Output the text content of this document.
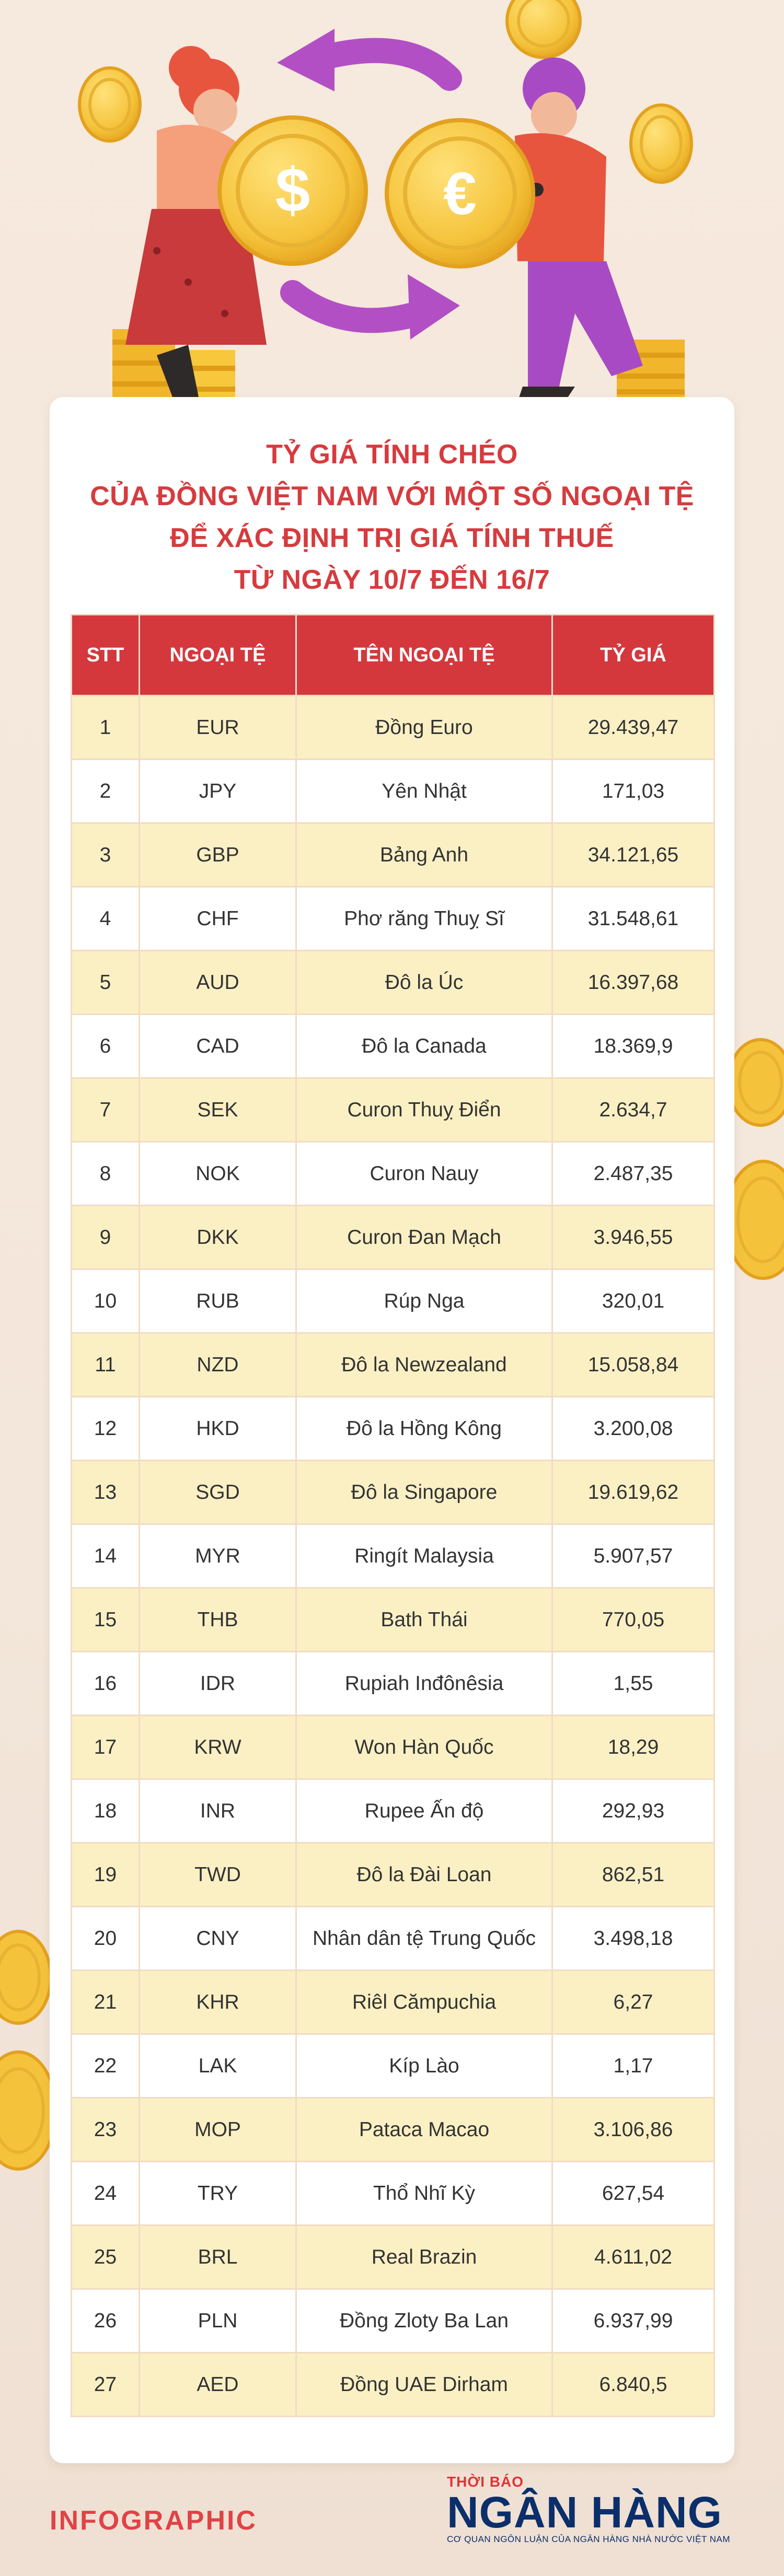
$ €
TỶ GIÁ TÍNH CHÉO
CỦA ĐỒNG VIỆT NAM VỚI MỘT SỐ NGOẠI TỆ
ĐỂ XÁC ĐỊNH TRỊ GIÁ TÍNH THUẾ
TỪ NGÀY 10/7 ĐẾN 16/7
STT	NGOẠI TỆ	TÊN NGOẠI TỆ	TỶ GIÁ
1	EUR	Đồng Euro	29.439,47
2	JPY	Yên Nhật	171,03
3	GBP	Bảng Anh	34.121,65
4	CHF	Phơ răng Thuỵ Sĩ	31.548,61
5	AUD	Đô la Úc	16.397,68
6	CAD	Đô la Canada	18.369,9
7	SEK	Curon Thuỵ Điển	2.634,7
8	NOK	Curon Nauy	2.487,35
9	DKK	Curon Đan Mạch	3.946,55
10	RUB	Rúp Nga	320,01
11	NZD	Đô la Newzealand	15.058,84
12	HKD	Đô la Hồng Kông	3.200,08
13	SGD	Đô la Singapore	19.619,62
14	MYR	Ringít Malaysia	5.907,57
15	THB	Bath Thái	770,05
16	IDR	Rupiah Inđônêsia	1,55
17	KRW	Won Hàn Quốc	18,29
18	INR	Rupee Ấn độ	292,93
19	TWD	Đô la Đài Loan	862,51
20	CNY	Nhân dân tệ Trung Quốc	3.498,18
21	KHR	Riêl Cămpuchia	6,27
22	LAK	Kíp Lào	1,17
23	MOP	Pataca Macao	3.106,86
24	TRY	Thổ Nhĩ Kỳ	627,54
25	BRL	Real Brazin	4.611,02
26	PLN	Đồng Zloty Ba Lan	6.937,99
27	AED	Đồng UAE Dirham	6.840,5
INFOGRAPHIC
THỜI BÁO
NGÂN HÀNG
CƠ QUAN NGÔN LUẬN CỦA NGÂN HÀNG NHÀ NƯỚC VIỆT NAM
